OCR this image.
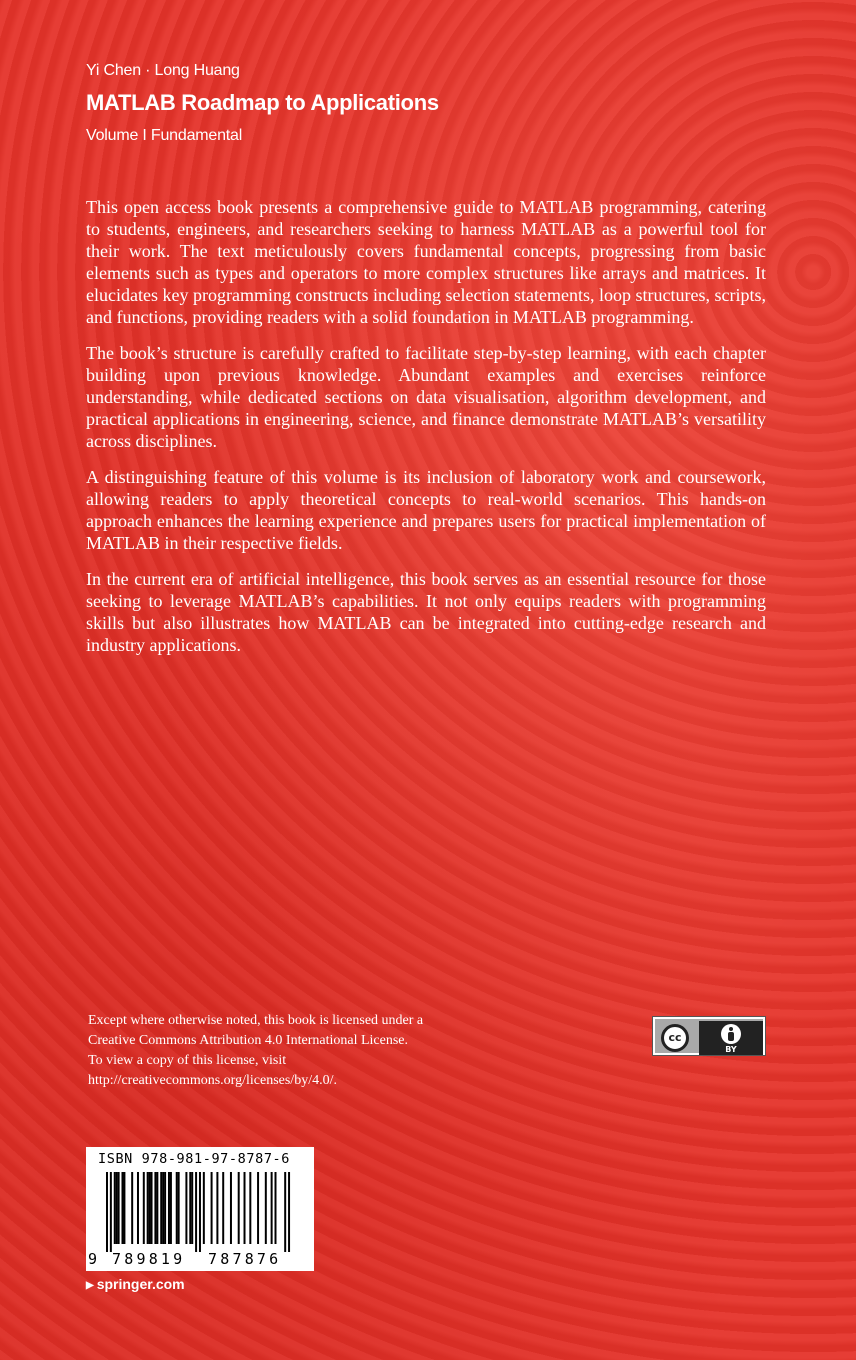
Yi Chen · Long Huang
MATLAB Roadmap to Applications
Volume I Fundamental

This open access book presents a comprehensive guide to MATLAB programming, catering to students, engineers, and researchers seeking to harness MATLAB as a powerful tool for their work. The text meticulously covers fundamental concepts, progressing from basic elements such as types and operators to more complex structures like arrays and matrices. It elucidates key programming constructs including selection statements, loop structures, scripts, and functions, providing readers with a solid foundation in MATLAB programming.

The book’s structure is carefully crafted to facilitate step-by-step learning, with each chapter building upon previous knowledge. Abundant examples and exercises reinforce understanding, while dedicated sections on data visualisation, algorithm development, and practical applications in engineering, science, and finance demonstrate MATLAB’s versatility across disciplines.

A distinguishing feature of this volume is its inclusion of laboratory work and coursework, allowing readers to apply theoretical concepts to real-world scenarios. This hands-on approach enhances the learning experience and prepares users for practical implementation of MATLAB in their respective fields.

In the current era of artificial intelligence, this book serves as an essential resource for those seeking to leverage MATLAB’s capabilities. It not only equips readers with programming skills but also illustrates how MATLAB can be integrated into cutting-edge research and industry applications.

Except where otherwise noted, this book is licensed under a
Creative Commons Attribution 4.0 International License.
To view a copy of this license, visit
http://creativecommons.org/licenses/by/4.0/.
cc
BY
ISBN 978-981-97-8787-6
9 789819 787876
▶ springer.com
